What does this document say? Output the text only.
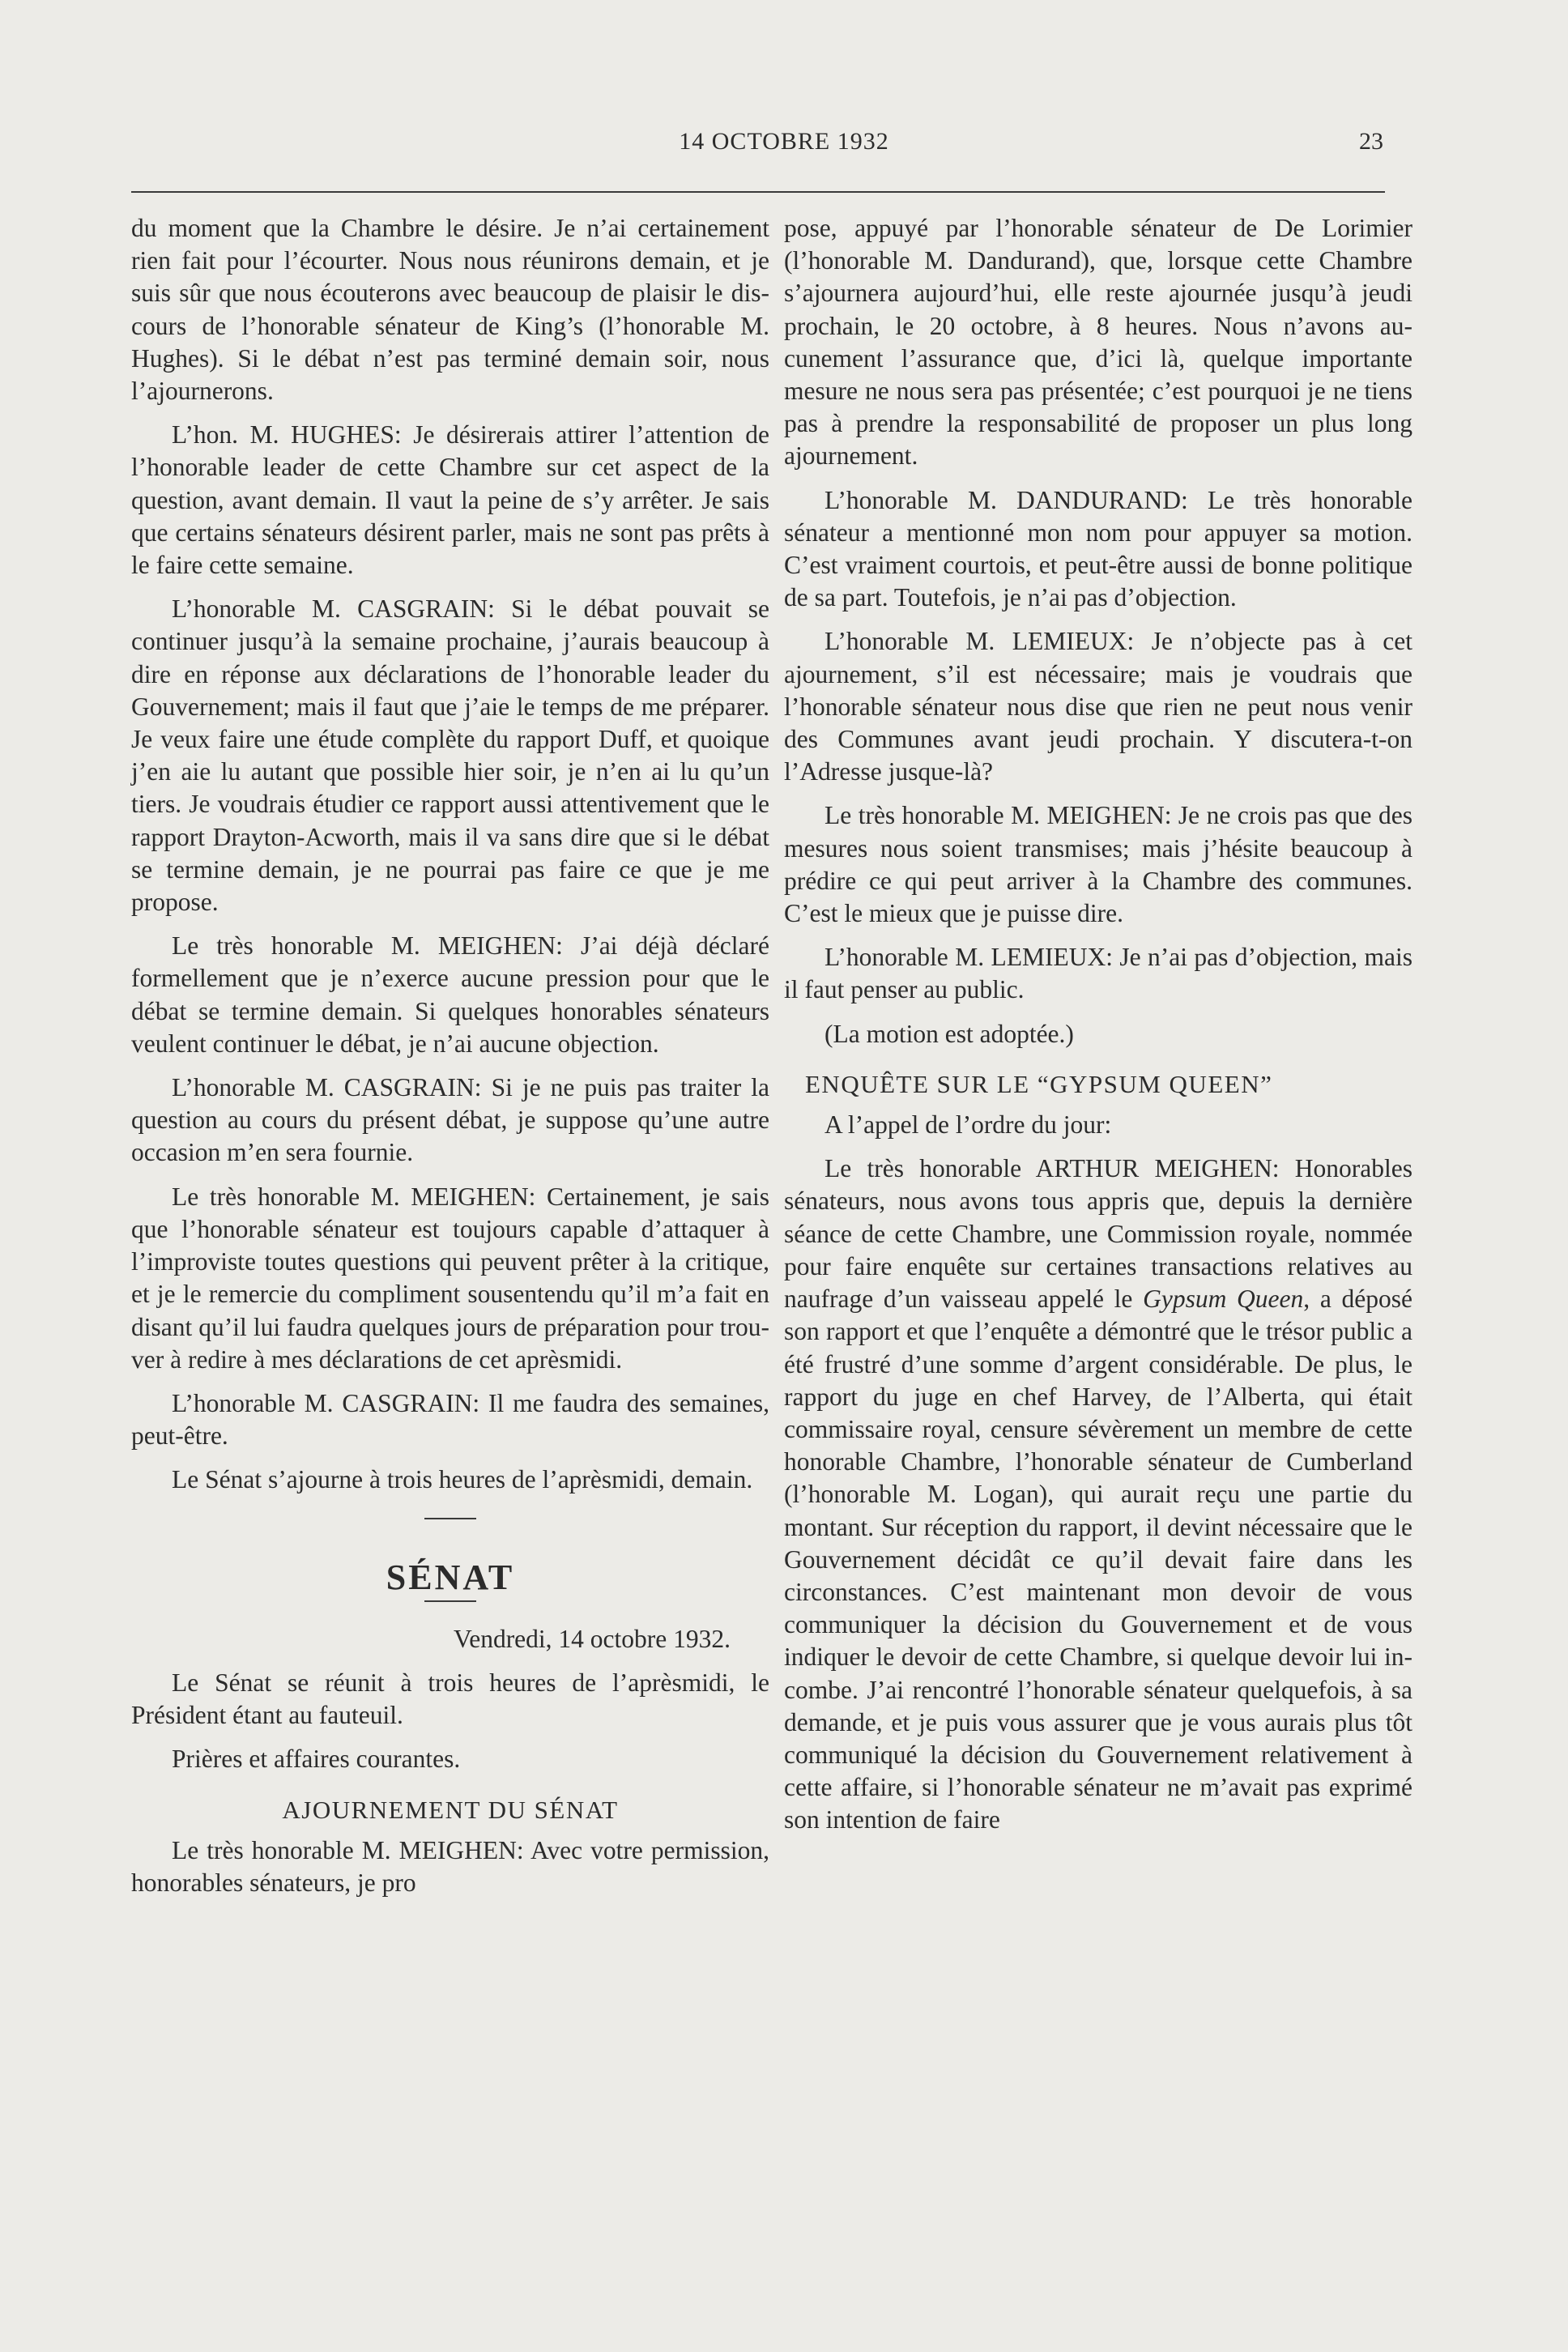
14 OCTOBRE 1932	23

du moment que la Chambre le désire. Je n’ai certainement rien fait pour l’écourter. Nous nous réunirons demain, et je suis sûr que nous écouterons avec beaucoup de plaisir le discours de l’honorable sénateur de King’s (l’honorable M. Hughes). Si le débat n’est pas terminé demain soir, nous l’ajournerons.

L’hon. M. HUGHES: Je désirerais attirer l’attention de l’honorable leader de cette Chambre sur cet aspect de la question, avant demain. Il vaut la peine de s’y arrêter. Je sais que certains sénateurs désirent parler, mais ne sont pas prêts à le faire cette semaine.

L’honorable M. CASGRAIN: Si le débat pouvait se continuer jusqu’à la semaine prochaine, j’aurais beaucoup à dire en réponse aux déclarations de l’honorable leader du Gouvernement; mais il faut que j’aie le temps de me préparer. Je veux faire une étude complète du rapport Duff, et quoique j’en aie lu autant que possible hier soir, je n’en ai lu qu’un tiers. Je voudrais étudier ce rapport aussi attentivement que le rapport Drayton-Acworth, mais il va sans dire que si le débat se termine demain, je ne pourrai pas faire ce que je me propose.

Le très honorable M. MEIGHEN: J’ai déjà déclaré formellement que je n’exerce aucune pression pour que le débat se termine demain. Si quelques honorables sénateurs veulent continuer le débat, je n’ai aucune objection.

L’honorable M. CASGRAIN: Si je ne puis pas traiter la question au cours du présent débat, je suppose qu’une autre occasion m’en sera fournie.

Le très honorable M. MEIGHEN: Certainement, je sais que l’honorable sénateur est toujours capable d’attaquer à l’improviste toutes questions qui peuvent prêter à la critique, et je le remercie du compliment sousentendu qu’il m’a fait en disant qu’il lui faudra quelques jours de préparation pour trouver à redire à mes déclarations de cet aprèsmidi.

L’honorable M. CASGRAIN: Il me faudra des semaines, peut-être.

Le Sénat s’ajourne à trois heures de l’aprèsmidi, demain.

SÉNAT

Vendredi, 14 octobre 1932.

Le Sénat se réunit à trois heures de l’aprèsmidi, le Président étant au fauteuil.

Prières et affaires courantes.

AJOURNEMENT DU SÉNAT

Le très honorable M. MEIGHEN: Avec votre permission, honorables sénateurs, je pro

pose, appuyé par l’honorable sénateur de De Lorimier (l’honorable M. Dandurand), que, lorsque cette Chambre s’ajournera aujourd’hui, elle reste ajournée jusqu’à jeudi prochain, le 20 octobre, à 8 heures. Nous n’avons aucunement l’assurance que, d’ici là, quelque importante mesure ne nous sera pas présentée; c’est pourquoi je ne tiens pas à prendre la responsabilité de proposer un plus long ajournement.

L’honorable M. DANDURAND: Le très honorable sénateur a mentionné mon nom pour appuyer sa motion. C’est vraiment courtois, et peut-être aussi de bonne politique de sa part. Toutefois, je n’ai pas d’objection.

L’honorable M. LEMIEUX: Je n’objecte pas à cet ajournement, s’il est nécessaire; mais je voudrais que l’honorable sénateur nous dise que rien ne peut nous venir des Communes avant jeudi prochain. Y discutera-t-on l’Adresse jusque-là?

Le très honorable M. MEIGHEN: Je ne crois pas que des mesures nous soient transmises; mais j’hésite beaucoup à prédire ce qui peut arriver à la Chambre des communes. C’est le mieux que je puisse dire.

L’honorable M. LEMIEUX: Je n’ai pas d’objection, mais il faut penser au public.

(La motion est adoptée.)

ENQUÊTE SUR LE “GYPSUM QUEEN”

A l’appel de l’ordre du jour:

Le très honorable ARTHUR MEIGHEN: Honorables sénateurs, nous avons tous appris que, depuis la dernière séance de cette Chambre, une Commission royale, nommée pour faire enquête sur certaines transactions relatives au naufrage d’un vaisseau appelé le Gypsum Queen, a déposé son rapport et que l’enquête a démontré que le trésor public a été frustré d’une somme d’argent considérable. De plus, le rapport du juge en chef Harvey, de l’Alberta, qui était commissaire royal, censure sévèrement un membre de cette honorable Chambre, l’honorable sénateur de Cumberland (l’honorable M. Logan), qui aurait reçu une partie du montant. Sur réception du rapport, il devint nécessaire que le Gouvernement décidât ce qu’il devait faire dans les circonstances. C’est maintenant mon devoir de vous communiquer la décision du Gouvernement et de vous indiquer le devoir de cette Chambre, si quelque devoir lui incombe. J’ai rencontré l’honorable sénateur quelquefois, à sa demande, et je puis vous assurer que je vous aurais plus tôt communiqué la décision du Gouvernement relativement à cette affaire, si l’honorable sénateur ne m’avait pas exprimé son intention de faire
